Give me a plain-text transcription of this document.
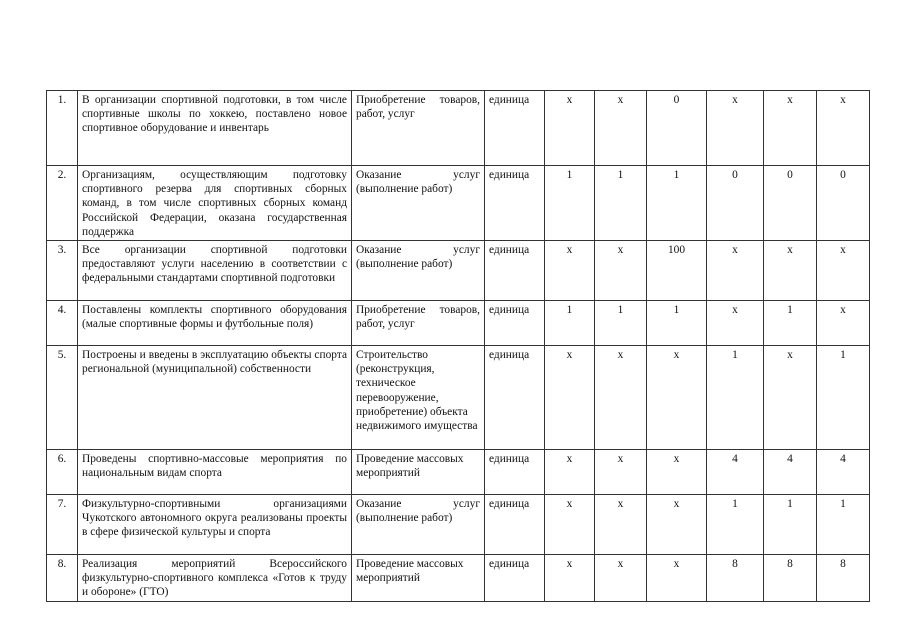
1.	В организации спортивной подготовки, в том числе спортивные школы по хоккею, поставлено новое спортивное оборудование и инвентарь	Приобретение товаров, работ, услуг	единица	x	x	0	x	x	x
2.	Организациям, осуществляющим подготовку спортивного резерва для спортивных сборных команд, в том числе спортивных сборных команд Российской Федерации, оказана государственная поддержка	Оказание услуг (выполнение работ)	единица	1	1	1	0	0	0
3.	Все организации спортивной подготовки предоставляют услуги населению в соответствии с федеральными стандартами спортивной подготовки	Оказание услуг (выполнение работ)	единица	x	x	100	x	x	x
4.	Поставлены комплекты спортивного оборудования (малые спортивные формы и футбольные поля)	Приобретение товаров, работ, услуг	единица	1	1	1	x	1	x
5.	Построены и введены в эксплуатацию объекты спорта региональной (муниципальной) собственности	Строительство (реконструкция, техническое перевооружение, приобретение) объекта недвижимого имущества	единица	x	x	x	1	x	1
6.	Проведены спортивно-массовые мероприятия по национальным видам спорта	Проведение массовых мероприятий	единица	x	x	x	4	4	4
7.	Физкультурно-спортивными организациями Чукотского автономного округа реализованы проекты в сфере физической культуры и спорта	Оказание услуг (выполнение работ)	единица	x	x	x	1	1	1
8.	Реализация мероприятий Всероссийского физкультурно-спортивного комплекса «Готов к труду и обороне» (ГТО)	Проведение массовых мероприятий	единица	x	x	x	8	8	8
